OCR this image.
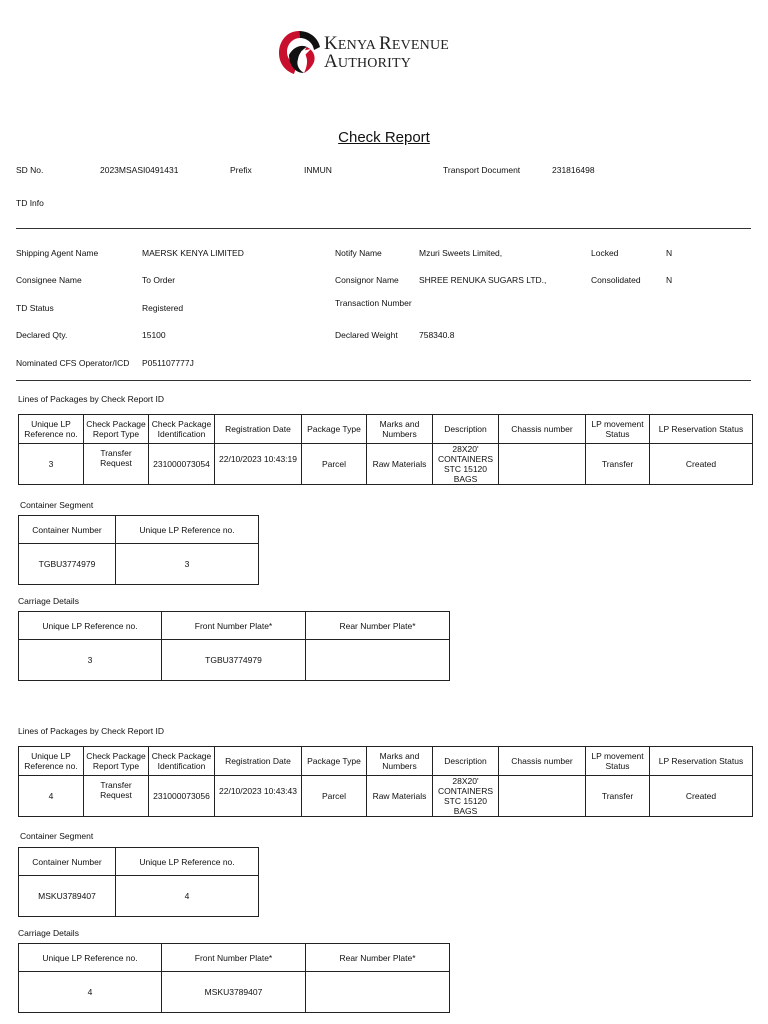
KENYA REVENUE
AUTHORITY
Check Report
SD No.	2023MSASI0491431	Prefix	INMUN	Transport Document	231816498
TD Info
Shipping Agent Name	MAERSK KENYA LIMITED	Notify Name	Mzuri Sweets Limited,	Locked	N
Consignee Name	To Order	Consignor Name SHREE RENUKA SUGARS LTD.,	Consolidated	N
TD Status	Registered	Transaction Number
Declared Qty.	15100	Declared Weight	758340.8
Nominated CFS Operator/ICD P051107777J
Lines of Packages by Check Report ID
Unique LP Reference no.	Check Package Report Type	Check Package Identification	Registration Date	Package Type	Marks and Numbers	Description	Chassis number	LP movement Status	LP Reservation Status
3	Transfer Request	231000073054	22/10/2023 10:43:19	Parcel	Raw Materials	28X20' CONTAINERS STC 15120 BAGS		Transfer	Created
Container Segment
Container Number	Unique LP Reference no.
TGBU3774979	3
Carriage Details
Unique LP Reference no.	Front Number Plate*	Rear Number Plate*
3	TGBU3774979	
Lines of Packages by Check Report ID
Unique LP Reference no.	Check Package Report Type	Check Package Identification	Registration Date	Package Type	Marks and Numbers	Description	Chassis number	LP movement Status	LP Reservation Status
4	Transfer Request	231000073056	22/10/2023 10:43:43	Parcel	Raw Materials	28X20' CONTAINERS STC 15120 BAGS		Transfer	Created
Container Segment
Container Number	Unique LP Reference no.
MSKU3789407	4
Carriage Details
Unique LP Reference no.	Front Number Plate*	Rear Number Plate*
4	MSKU3789407	
